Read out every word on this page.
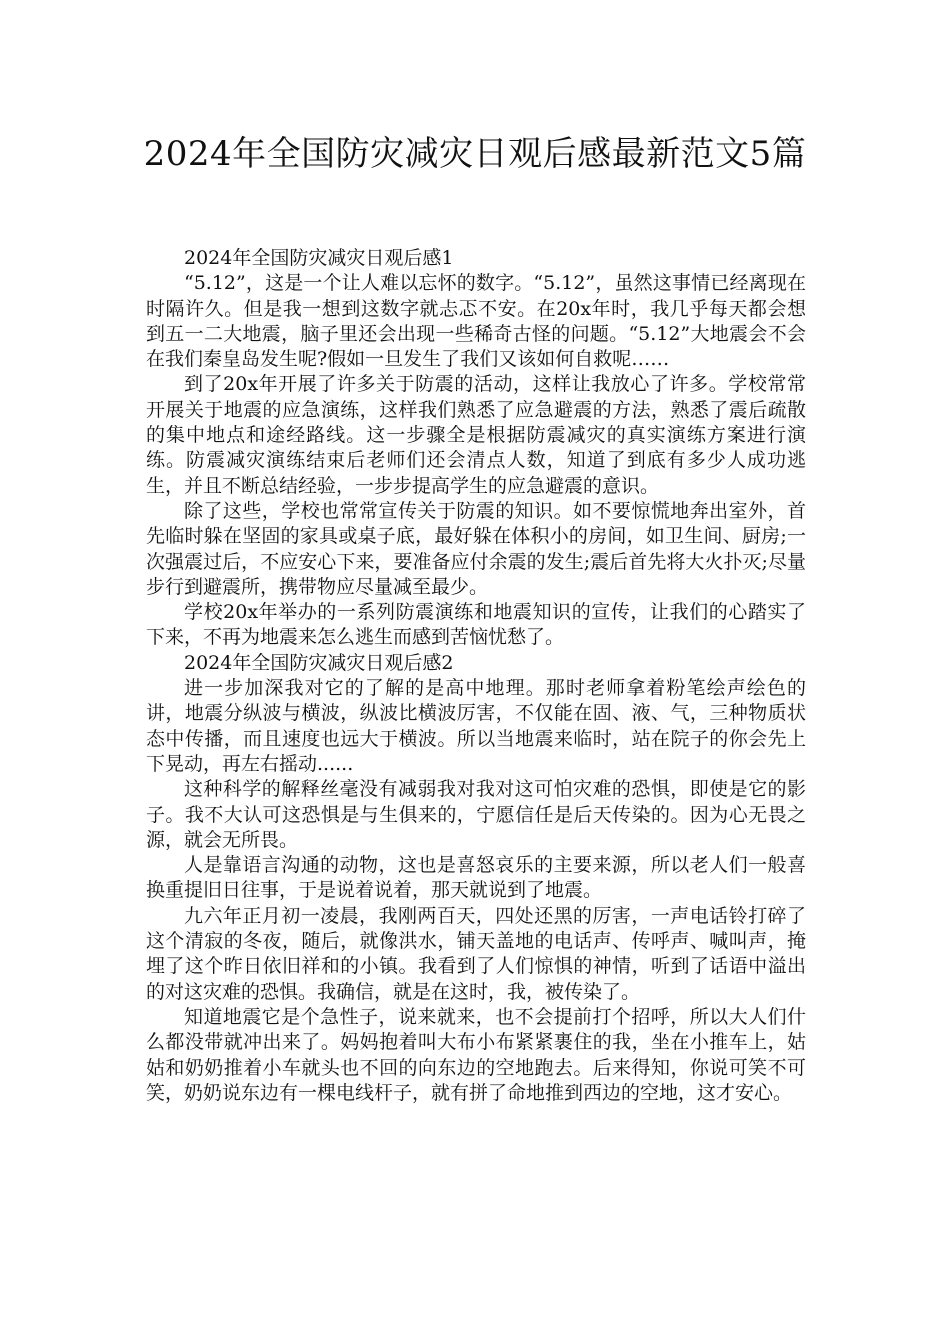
2024年全国防灾减灾日观后感最新范文5篇

2024年全国防灾减灾日观后感1

“5.12”，这是一个让人难以忘怀的数字。“5.12”，虽然这事情已经离现在时隔许久。但是我一想到这数字就忐忑不安。在20x年时，我几乎每天都会想到五一二大地震，脑子里还会出现一些稀奇古怪的问题。“5.12”大地震会不会在我们秦皇岛发生呢?假如一旦发生了我们又该如何自救呢……

到了20x年开展了许多关于防震的活动，这样让我放心了许多。学校常常开展关于地震的应急演练，这样我们熟悉了应急避震的方法，熟悉了震后疏散的集中地点和途经路线。这一步骤全是根据防震减灾的真实演练方案进行演练。防震减灾演练结束后老师们还会清点人数，知道了到底有多少人成功逃生，并且不断总结经验，一步步提高学生的应急避震的意识。

除了这些，学校也常常宣传关于防震的知识。如不要惊慌地奔出室外，首先临时躲在坚固的家具或桌子底，最好躲在体积小的房间，如卫生间、厨房;一次强震过后，不应安心下来，要准备应付余震的发生;震后首先将大火扑灭;尽量步行到避震所，携带物应尽量减至最少。

学校20x年举办的一系列防震演练和地震知识的宣传，让我们的心踏实了下来，不再为地震来怎么逃生而感到苦恼忧愁了。

2024年全国防灾减灾日观后感2

进一步加深我对它的了解的是高中地理。那时老师拿着粉笔绘声绘色的讲，地震分纵波与横波，纵波比横波厉害，不仅能在固、液、气，三种物质状态中传播，而且速度也远大于横波。所以当地震来临时，站在院子的你会先上下晃动，再左右摇动......

这种科学的解释丝毫没有减弱我对我对这可怕灾难的恐惧，即使是它的影子。我不大认可这恐惧是与生俱来的，宁愿信任是后天传染的。因为心无畏之源，就会无所畏。

人是靠语言沟通的动物，这也是喜怒哀乐的主要来源，所以老人们一般喜换重提旧日往事，于是说着说着，那天就说到了地震。

九六年正月初一凌晨，我刚两百天，四处还黑的厉害，一声电话铃打碎了这个清寂的冬夜，随后，就像洪水，铺天盖地的电话声、传呼声、喊叫声，掩埋了这个昨日依旧祥和的小镇。我看到了人们惊惧的神情，听到了话语中溢出的对这灾难的恐惧。我确信，就是在这时，我，被传染了。

知道地震它是个急性子，说来就来，也不会提前打个招呼，所以大人们什么都没带就冲出来了。妈妈抱着叫大布小布紧紧裹住的我，坐在小推车上，姑姑和奶奶推着小车就头也不回的向东边的空地跑去。后来得知，你说可笑不可笑，奶奶说东边有一棵电线杆子，就有拼了命地推到西边的空地，这才安心。
